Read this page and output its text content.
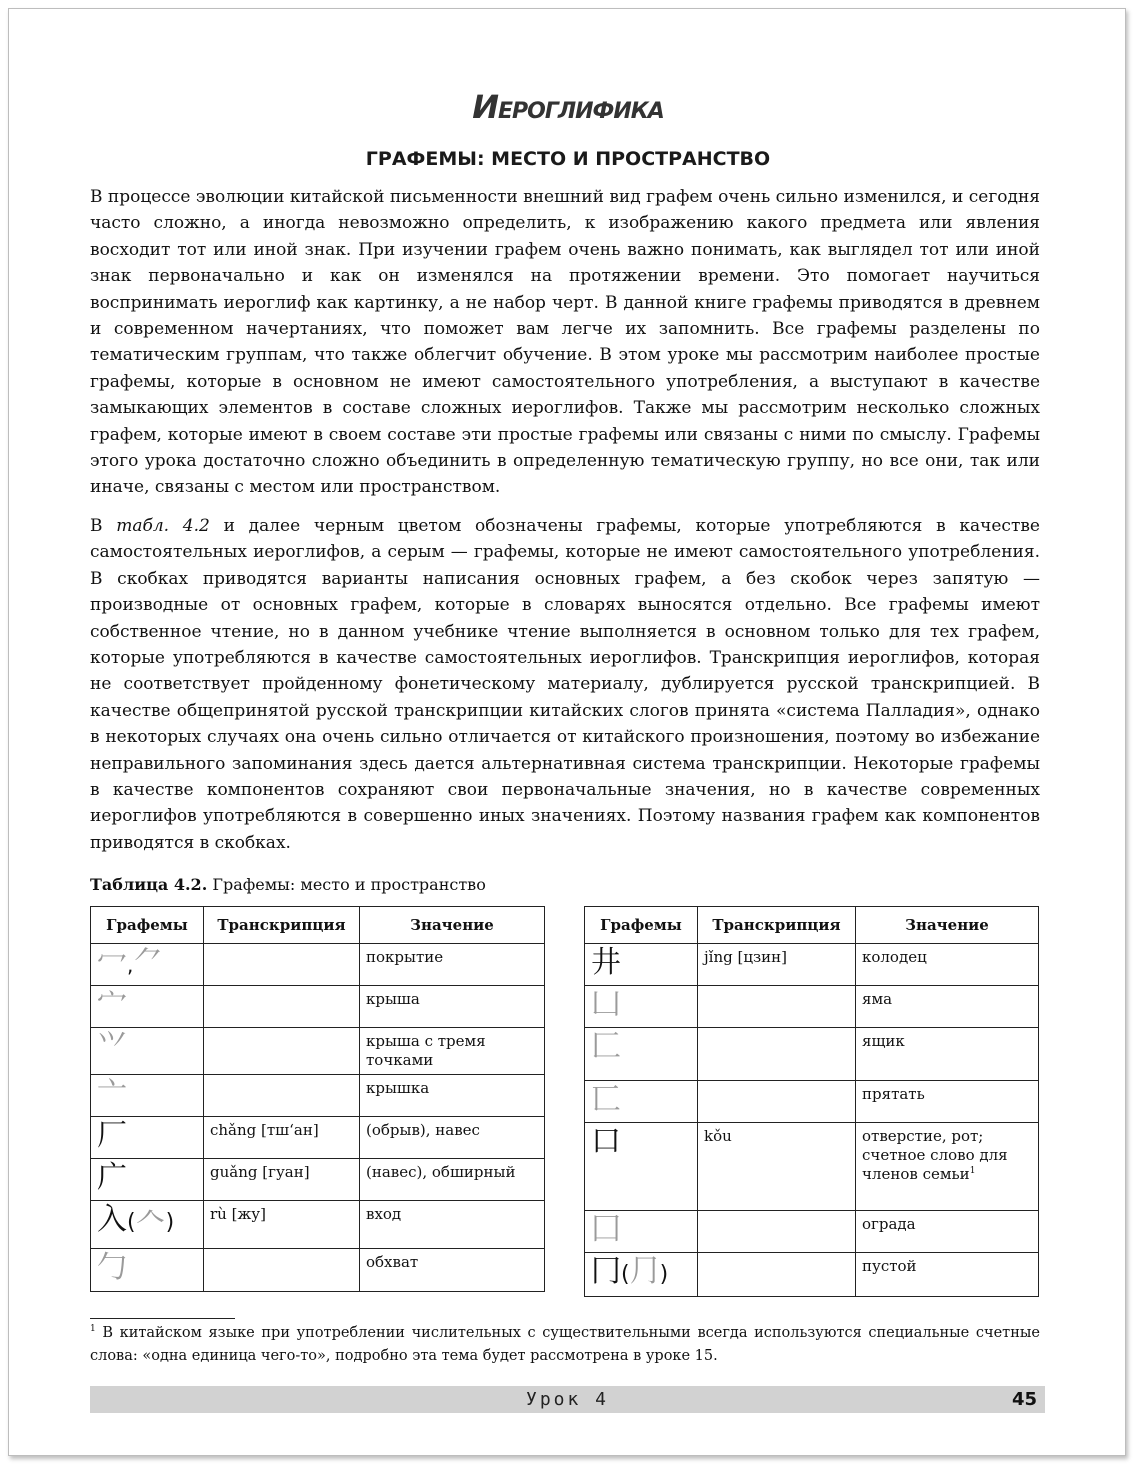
Иероглифика
ГРАФЕМЫ: МЕСТО И ПРОСТРАНСТВО

В процессе эволюции китайской письменности внешний вид графем очень сильно изменился, и сегодня часто сложно, а иногда невозможно определить, к изображению какого предмета или явления восходит тот или иной знак. При изучении графем очень важно понимать, как выглядел тот или иной знак первоначально и как он изменялся на протяжении времени. Это помогает научиться воспринимать иероглиф как картинку, а не набор черт. В данной книге графемы приводятся в древнем и современном начертаниях, что поможет вам легче их запомнить. Все графемы разделены по тематическим группам, что также облегчит обучение. В этом уроке мы рассмотрим наиболее простые графемы, которые в основном не имеют самостоятельного употребления, а выступают в качестве замыкающих элементов в составе сложных иероглифов. Также мы рассмотрим несколько сложных графем, которые имеют в своем составе эти простые графемы или связаны с ними по смыслу. Графемы этого урока достаточно сложно объединить в определенную тематическую группу, но все они, так или иначе, связаны с местом или пространством.

В табл. 4.2 и далее черным цветом обозначены графемы, которые употребляются в качестве самостоятельных иероглифов, а серым — графемы, которые не имеют самостоятельного употребления. В скобках приводятся варианты написания основных графем, а без скобок через запятую — производные от основных графем, которые в словарях выносятся отдельно. Все графемы имеют собственное чтение, но в данном учебнике чтение выполняется в основном только для тех графем, которые употребляются в качестве самостоятельных иероглифов. Транскрипция иероглифов, которая не соответствует пройденному фонетическому материалу, дублируется русской транскрипцией. В качестве общепринятой русской транскрипции китайских слогов принята «система Палладия», однако в некоторых случаях она очень сильно отличается от китайского произношения, поэтому во избежание неправильного запоминания здесь дается альтернативная система транскрипции. Некоторые графемы в качестве компонентов сохраняют свои первоначальные значения, но в качестве современных иероглифов употребляются в совершенно иных значениях. Поэтому названия графем как компонентов приводятся в скобках.

Таблица 4.2. Графемы: место и пространство

Графемы	Транскрипция	Значение
冖,⺈		покрытие
宀		крыша
⺍		крыша с тремя точками
亠		крышка
厂	chǎng [тш‘ан]	(обрыв), навес
广	guǎng [гуан]	(навес), обширный
入(𠆢)	rù [жу]	вход
勹		обхват
Графемы	Транскрипция	Значение
井	jǐng [цзин]	колодец
凵		яма
匚		ящик
匸		прятать
口	kǒu	отверстие, рот; счетное слово для членов семьи$^1$
囗		ограда
冂(⺆)		пустой

$^1$ В китайском языке при употреблении числительных с существительными всегда используются специальные счетные слова: «одна единица чего-то», подробно эта тема будет рассмотрена в уроке 15.

Урок 4	45
